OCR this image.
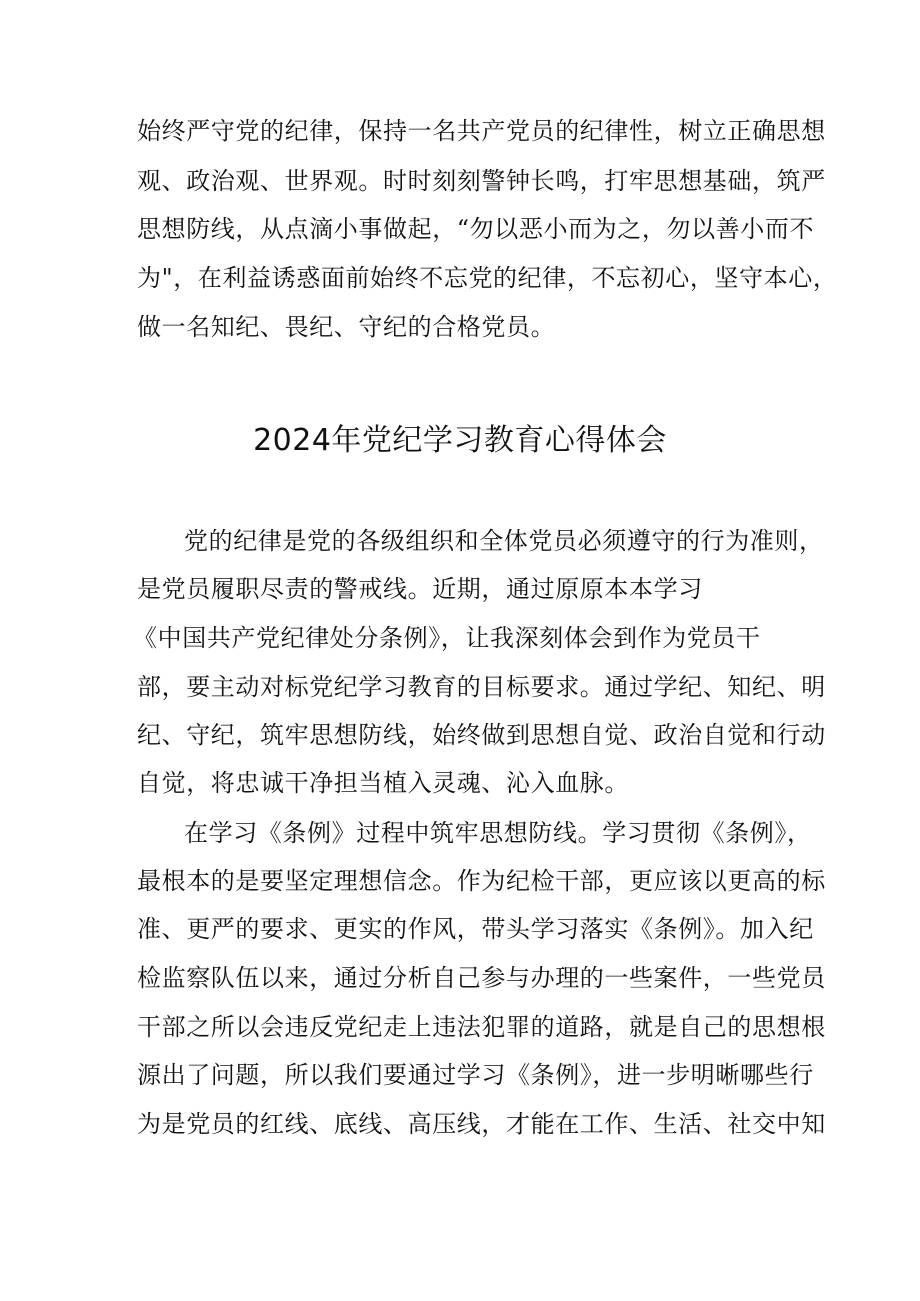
始终严守党的纪律，保持一名共产党员的纪律性，树立正确思想

观、政治观、世界观。时时刻刻警钟长鸣，打牢思想基础，筑严

思想防线，从点滴小事做起，“勿以恶小而为之，勿以善小而不

为"，在利益诱惑面前始终不忘党的纪律，不忘初心，坚守本心，

做一名知纪、畏纪、守纪的合格党员。

2024年党纪学习教育心得体会

党的纪律是党的各级组织和全体党员必须遵守的行为准则，

是党员履职尽责的警戒线。近期，通过原原本本学习

《中国共产党纪律处分条例》，让我深刻体会到作为党员干

部，要主动对标党纪学习教育的目标要求。通过学纪、知纪、明

纪、守纪，筑牢思想防线，始终做到思想自觉、政治自觉和行动

自觉，将忠诚干净担当植入灵魂、沁入血脉。

在学习《条例》过程中筑牢思想防线。学习贯彻《条例》，

最根本的是要坚定理想信念。作为纪检干部，更应该以更高的标

准、更严的要求、更实的作风，带头学习落实《条例》。加入纪

检监察队伍以来，通过分析自己参与办理的一些案件，一些党员

干部之所以会违反党纪走上违法犯罪的道路，就是自己的思想根

源出了问题，所以我们要通过学习《条例》，进一步明晰哪些行

为是党员的红线、底线、高压线，才能在工作、生活、社交中知
